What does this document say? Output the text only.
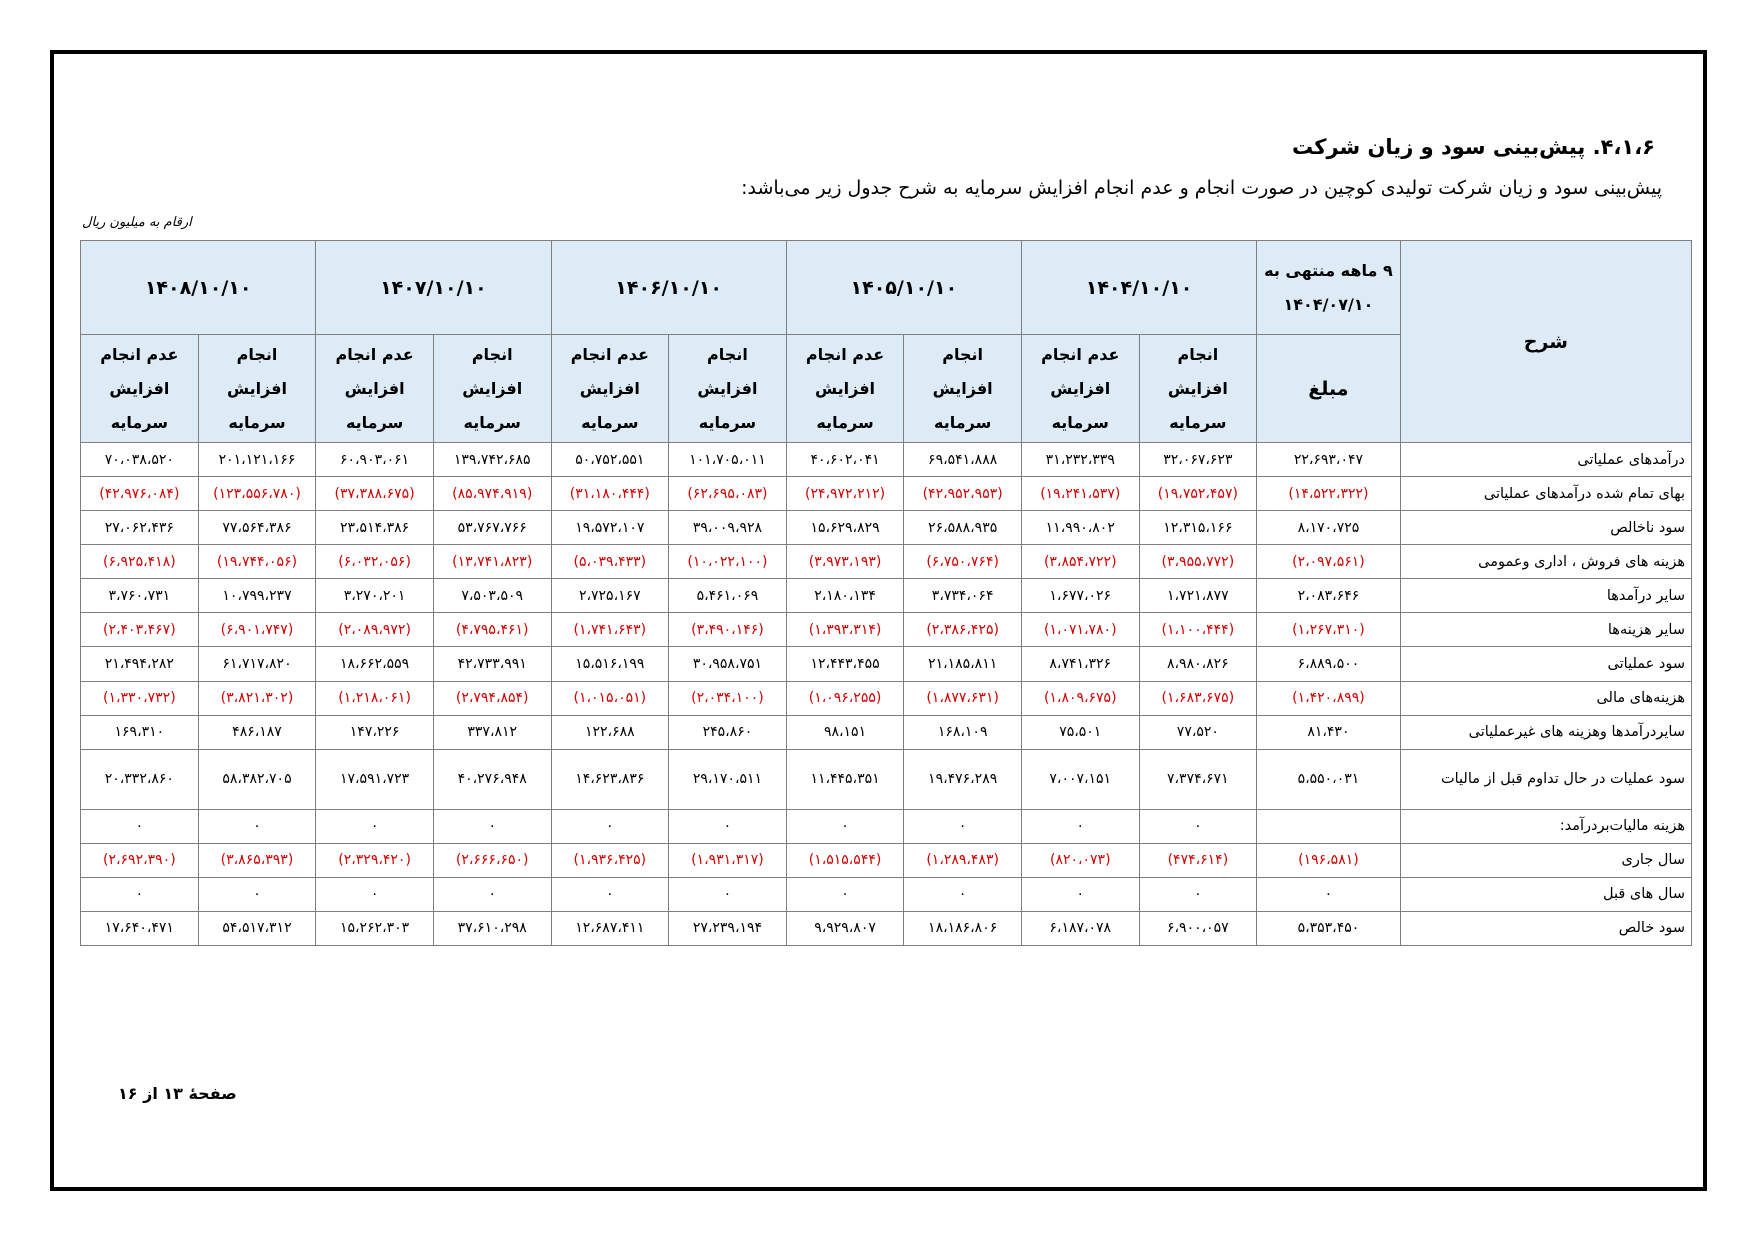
۴،۱،۶. پیش‌بینی سود و زیان شرکت
پیش‌بینی سود و زیان شرکت تولیدی کوچین در صورت انجام و عدم انجام افزایش سرمایه به شرح جدول زیر می‌باشد:
ارقام به میلیون ریال
شرح	۹ ماهه منتهی به ۱۴۰۴/۰۷/۱۰	۱۴۰۴/۱۰/۱۰		۱۴۰۵/۱۰/۱۰		۱۴۰۶/۱۰/۱۰		۱۴۰۷/۱۰/۱۰		۱۴۰۸/۱۰/۱۰	
	مبلغ	انجام افزایش سرمایه	عدم انجام افزایش سرمایه	انجام افزایش سرمایه	عدم انجام افزایش سرمایه	انجام افزایش سرمایه	عدم انجام افزایش سرمایه	انجام افزایش سرمایه	عدم انجام افزایش سرمایه	انجام افزایش سرمایه	عدم انجام افزایش سرمایه
درآمدهای عملیاتی	۲۲،۶۹۳،۰۴۷	۳۲،۰۶۷،۶۲۳	۳۱،۲۳۲،۳۳۹	۶۹،۵۴۱،۸۸۸	۴۰،۶۰۲،۰۴۱	۱۰۱،۷۰۵،۰۱۱	۵۰،۷۵۲،۵۵۱	۱۳۹،۷۴۲،۶۸۵	۶۰،۹۰۳،۰۶۱	۲۰۱،۱۲۱،۱۶۶	۷۰،۰۳۸،۵۲۰
بهای تمام شده درآمدهای عملیاتی	(۱۴،۵۲۲،۳۲۲)	(۱۹،۷۵۲،۴۵۷)	(۱۹،۲۴۱،۵۳۷)	(۴۲،۹۵۲،۹۵۳)	(۲۴،۹۷۲،۲۱۲)	(۶۲،۶۹۵،۰۸۳)	(۳۱،۱۸۰،۴۴۴)	(۸۵،۹۷۴،۹۱۹)	(۳۷،۳۸۸،۶۷۵)	(۱۲۳،۵۵۶،۷۸۰)	(۴۲،۹۷۶،۰۸۴)
سود ناخالص	۸،۱۷۰،۷۲۵	۱۲،۳۱۵،۱۶۶	۱۱،۹۹۰،۸۰۲	۲۶،۵۸۸،۹۳۵	۱۵،۶۲۹،۸۲۹	۳۹،۰۰۹،۹۲۸	۱۹،۵۷۲،۱۰۷	۵۳،۷۶۷،۷۶۶	۲۳،۵۱۴،۳۸۶	۷۷،۵۶۴،۳۸۶	۲۷،۰۶۲،۴۳۶
هزینه های فروش ، اداری وعمومی	(۲،۰۹۷،۵۶۱)	(۳،۹۵۵،۷۷۲)	(۳،۸۵۴،۷۲۲)	(۶،۷۵۰،۷۶۴)	(۳،۹۷۳،۱۹۳)	(۱۰،۰۲۲،۱۰۰)	(۵،۰۳۹،۴۳۳)	(۱۳،۷۴۱،۸۲۳)	(۶،۰۳۲،۰۵۶)	(۱۹،۷۴۴،۰۵۶)	(۶،۹۲۵،۴۱۸)
سایر درآمدها	۲،۰۸۳،۶۴۶	۱،۷۲۱،۸۷۷	۱،۶۷۷،۰۲۶	۳،۷۳۴،۰۶۴	۲،۱۸۰،۱۳۴	۵،۴۶۱،۰۶۹	۲،۷۲۵،۱۶۷	۷،۵۰۳،۵۰۹	۳،۲۷۰،۲۰۱	۱۰،۷۹۹،۲۳۷	۳،۷۶۰،۷۳۱
سایر هزینه‌ها	(۱،۲۶۷،۳۱۰)	(۱،۱۰۰،۴۴۴)	(۱،۰۷۱،۷۸۰)	(۲،۳۸۶،۴۲۵)	(۱،۳۹۳،۳۱۴)	(۳،۴۹۰،۱۴۶)	(۱،۷۴۱،۶۴۳)	(۴،۷۹۵،۴۶۱)	(۲،۰۸۹،۹۷۲)	(۶،۹۰۱،۷۴۷)	(۲،۴۰۳،۴۶۷)
سود عملیاتی	۶،۸۸۹،۵۰۰	۸،۹۸۰،۸۲۶	۸،۷۴۱،۳۲۶	۲۱،۱۸۵،۸۱۱	۱۲،۴۴۳،۴۵۵	۳۰،۹۵۸،۷۵۱	۱۵،۵۱۶،۱۹۹	۴۲،۷۳۳،۹۹۱	۱۸،۶۶۲،۵۵۹	۶۱،۷۱۷،۸۲۰	۲۱،۴۹۴،۲۸۲
هزینه‌های مالی	(۱،۴۲۰،۸۹۹)	(۱،۶۸۳،۶۷۵)	(۱،۸۰۹،۶۷۵)	(۱،۸۷۷،۶۳۱)	(۱،۰۹۶،۲۵۵)	(۲،۰۳۴،۱۰۰)	(۱،۰۱۵،۰۵۱)	(۲،۷۹۴،۸۵۴)	(۱،۲۱۸،۰۶۱)	(۳،۸۲۱،۳۰۲)	(۱،۳۳۰،۷۳۲)
سایردرآمدها وهزینه های غیرعملیاتی	۸۱،۴۳۰	۷۷،۵۲۰	۷۵،۵۰۱	۱۶۸،۱۰۹	۹۸،۱۵۱	۲۴۵،۸۶۰	۱۲۲،۶۸۸	۳۳۷،۸۱۲	۱۴۷،۲۲۶	۴۸۶،۱۸۷	۱۶۹،۳۱۰
سود عملیات در حال تداوم قبل از مالیات	۵،۵۵۰،۰۳۱	۷،۳۷۴،۶۷۱	۷،۰۰۷،۱۵۱	۱۹،۴۷۶،۲۸۹	۱۱،۴۴۵،۳۵۱	۲۹،۱۷۰،۵۱۱	۱۴،۶۲۳،۸۳۶	۴۰،۲۷۶،۹۴۸	۱۷،۵۹۱،۷۲۳	۵۸،۳۸۲،۷۰۵	۲۰،۳۳۲،۸۶۰
هزینه مالیات‌بردرآمد:		۰	۰	۰	۰	۰	۰	۰	۰	۰	۰
سال جاری	(۱۹۶،۵۸۱)	(۴۷۴،۶۱۴)	(۸۲۰،۰۷۳)	(۱،۲۸۹،۴۸۳)	(۱،۵۱۵،۵۴۴)	(۱،۹۳۱،۳۱۷)	(۱،۹۳۶،۴۲۵)	(۲،۶۶۶،۶۵۰)	(۲،۳۲۹،۴۲۰)	(۳،۸۶۵،۳۹۳)	(۲،۶۹۲،۳۹۰)
سال های قبل	۰	۰	۰	۰	۰	۰	۰	۰	۰	۰	۰
سود خالص	۵،۳۵۳،۴۵۰	۶،۹۰۰،۰۵۷	۶،۱۸۷،۰۷۸	۱۸،۱۸۶،۸۰۶	۹،۹۲۹،۸۰۷	۲۷،۲۳۹،۱۹۴	۱۲،۶۸۷،۴۱۱	۳۷،۶۱۰،۲۹۸	۱۵،۲۶۲،۳۰۳	۵۴،۵۱۷،۳۱۲	۱۷،۶۴۰،۴۷۱
صفحهٔ ۱۳ از ۱۶
